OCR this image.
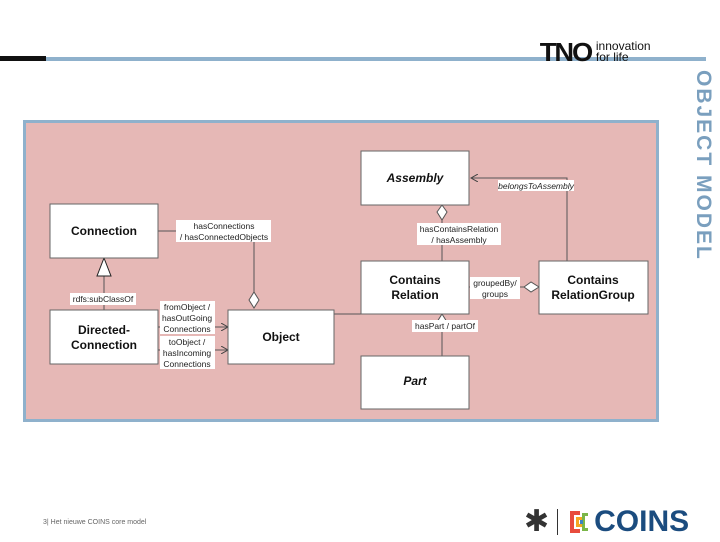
TNO innovation
for life
OBJECT MODEL
Assembly
Connection
Contains
Relation
Contains
RelationGroup
Directed-
Connection
Object
Part
belongsToAssembly
hasConnections
/ hasConnectedObjects
hasContainsRelation
/ hasAssembly
rdfs:subClassOf
fromObject /
hasOutGoing
Connections
toObject /
hasIncoming
Connections
groupedBy/
groups
hasPart / partOf
3| Het nieuwe COINS core model	✱ COINS
